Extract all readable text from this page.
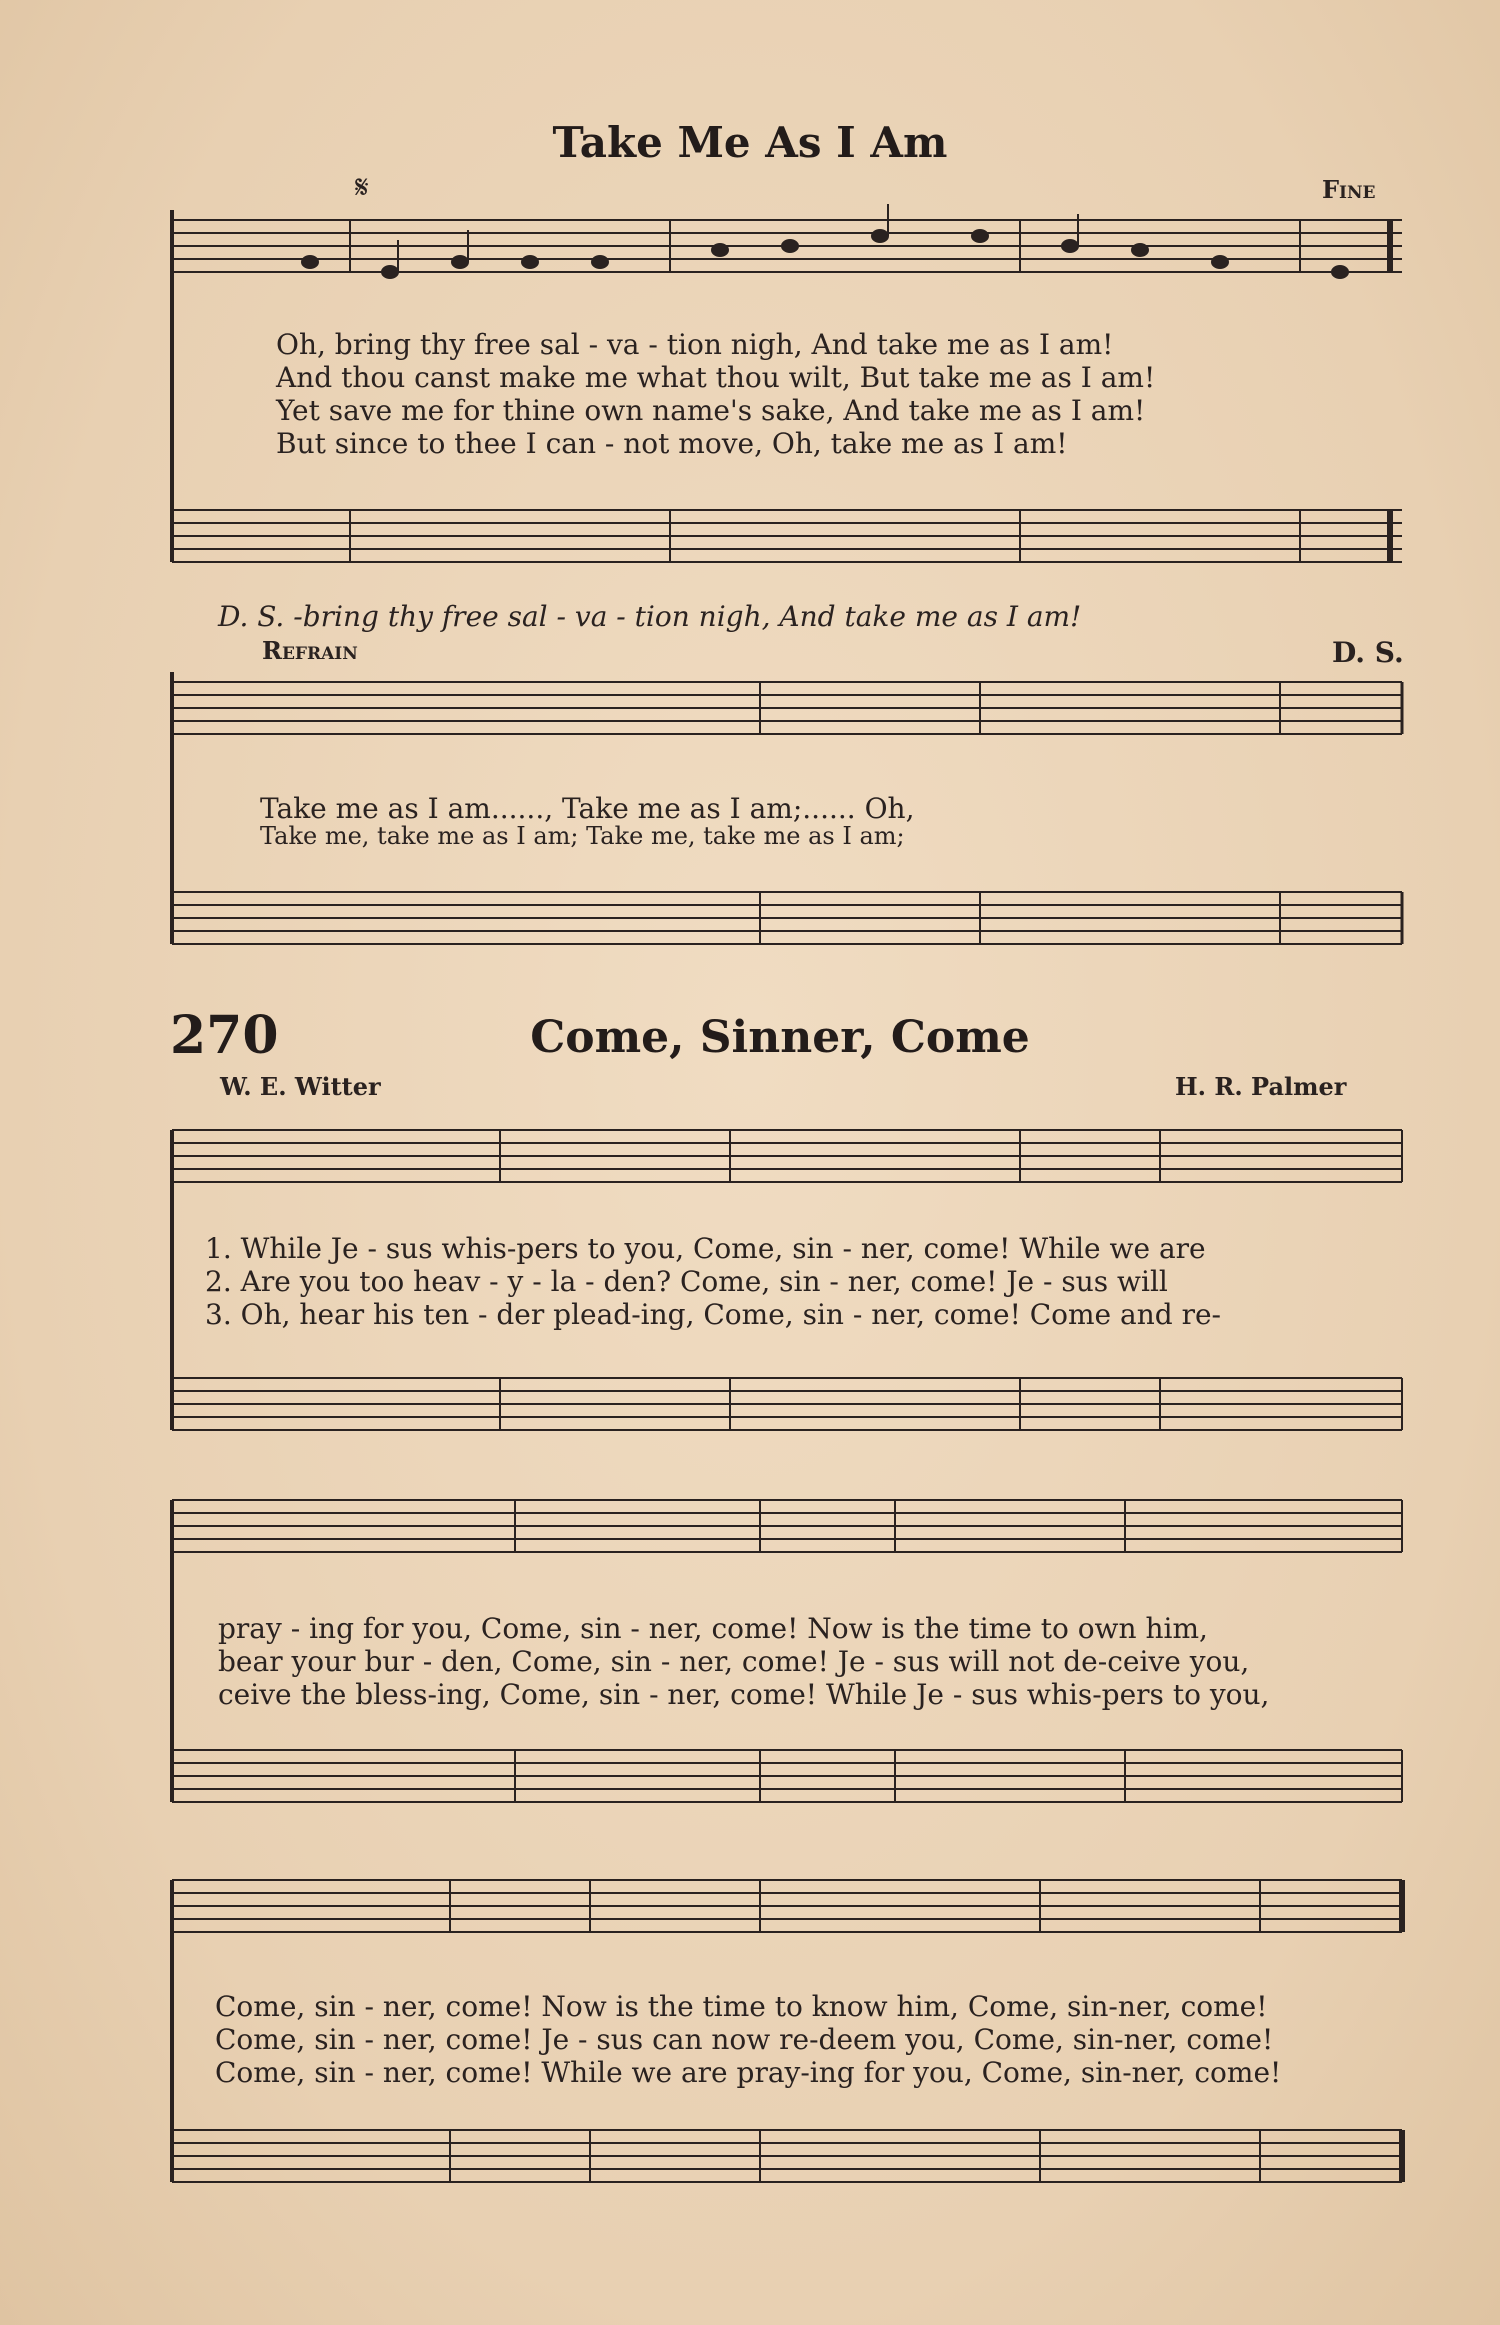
Take Me As I Am
Fine
𝄋
Oh, bring thy free sal - va - tion nigh, And take me as I am!
And thou canst make me what thou wilt, But take me as I am!
Yet save me for thine own name's sake, And take me as I am!
But since to thee I can - not move, Oh, take me as I am!
D. S. -bring thy free sal - va - tion nigh, And take me as I am!
Refrain	D. S.
Take me as I am......, Take me as I am;...... Oh,
Take me, take me as I am; Take me, take me as I am;
270	Come, Sinner, Come
W. E. Witter	H. R. Palmer
1. While Je - sus whis-pers to you, Come, sin - ner, come! While we are
2. Are you too heav - y - la - den? Come, sin - ner, come! Je - sus will
3. Oh, hear his ten - der plead-ing, Come, sin - ner, come! Come and re-
pray - ing for you, Come, sin - ner, come! Now is the time to own him,
bear your bur - den, Come, sin - ner, come! Je - sus will not de-ceive you,
ceive the bless-ing, Come, sin - ner, come! While Je - sus whis-pers to you,
Come, sin - ner, come! Now is the time to know him, Come, sin-ner, come!
Come, sin - ner, come! Je - sus can now re-deem you, Come, sin-ner, come!
Come, sin - ner, come! While we are pray-ing for you, Come, sin-ner, come!
